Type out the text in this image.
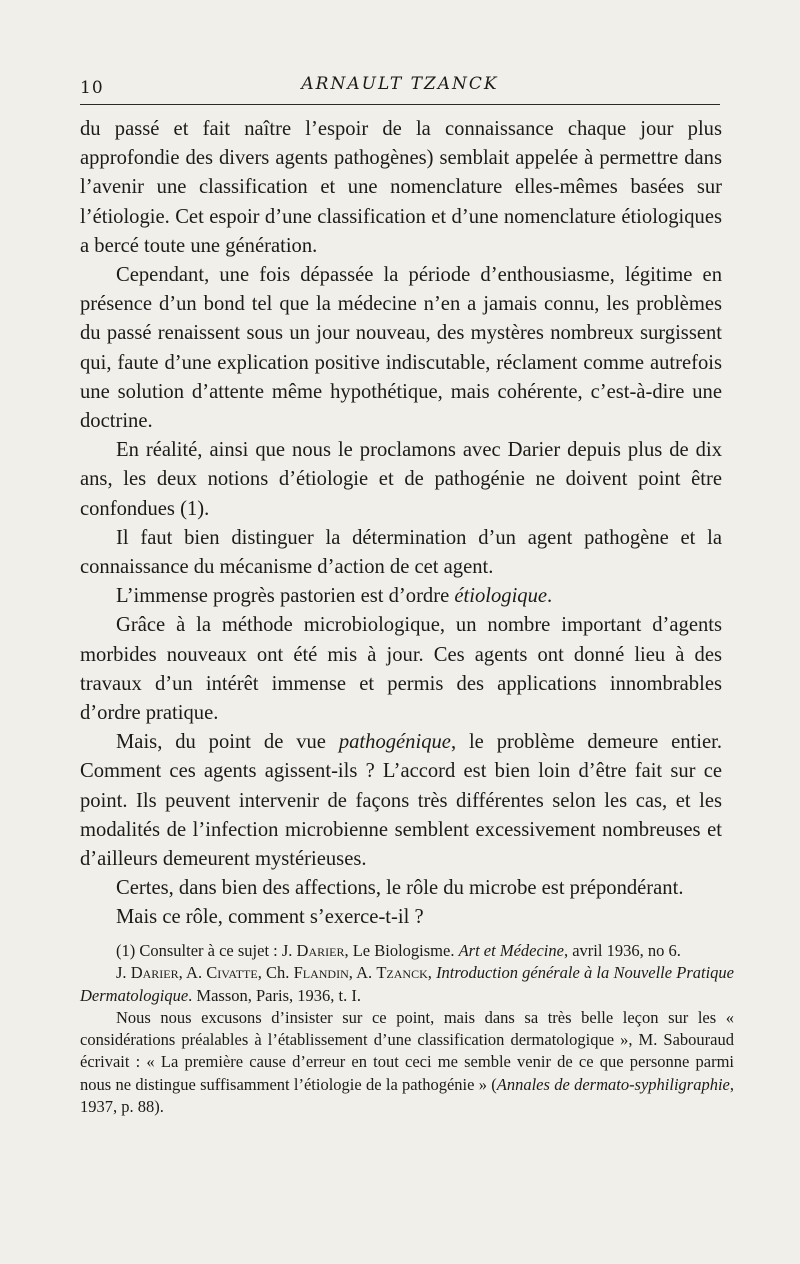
10	ARNAULT TZANCK

du passé et fait naître l’espoir de la connaissance chaque jour plus approfondie des divers agents pathogènes) semblait appelée à permettre dans l’avenir une classification et une nomenclature elles-mêmes basées sur l’étiologie. Cet espoir d’une classification et d’une nomenclature étiologiques a bercé toute une génération.

Cependant, une fois dépassée la période d’enthousiasme, légitime en présence d’un bond tel que la médecine n’en a jamais connu, les problèmes du passé renaissent sous un jour nouveau, des mystères nombreux surgissent qui, faute d’une explication positive indiscutable, réclament comme autrefois une solution d’attente même hypothétique, mais cohérente, c’est-à-dire une doctrine.

En réalité, ainsi que nous le proclamons avec Darier depuis plus de dix ans, les deux notions d’étiologie et de pathogénie ne doivent point être confondues (1).

Il faut bien distinguer la détermination d’un agent pathogène et la connaissance du mécanisme d’action de cet agent.

L’immense progrès pastorien est d’ordre étiologique.

Grâce à la méthode microbiologique, un nombre important d’agents morbides nouveaux ont été mis à jour. Ces agents ont donné lieu à des travaux d’un intérêt immense et permis des applications innombrables d’ordre pratique.

Mais, du point de vue pathogénique, le problème demeure entier. Comment ces agents agissent-ils ? L’accord est bien loin d’être fait sur ce point. Ils peuvent intervenir de façons très différentes selon les cas, et les modalités de l’infection microbienne semblent excessivement nombreuses et d’ailleurs demeurent mystérieuses.

Certes, dans bien des affections, le rôle du microbe est prépondérant.

Mais ce rôle, comment s’exerce-t-il ?

(1) Consulter à ce sujet : J. Darier, Le Biologisme. Art et Médecine, avril 1936, no 6.

J. Darier, A. Civatte, Ch. Flandin, A. Tzanck, Introduction générale à la Nouvelle Pratique Dermatologique. Masson, Paris, 1936, t. I.

Nous nous excusons d’insister sur ce point, mais dans sa très belle leçon sur les « considérations préalables à l’établissement d’une classification dermatologique », M. Sabouraud écrivait : « La première cause d’erreur en tout ceci me semble venir de ce que personne parmi nous ne distingue suffisamment l’étiologie de la pathogénie » (Annales de dermato-syphiligraphie, 1937, p. 88).
